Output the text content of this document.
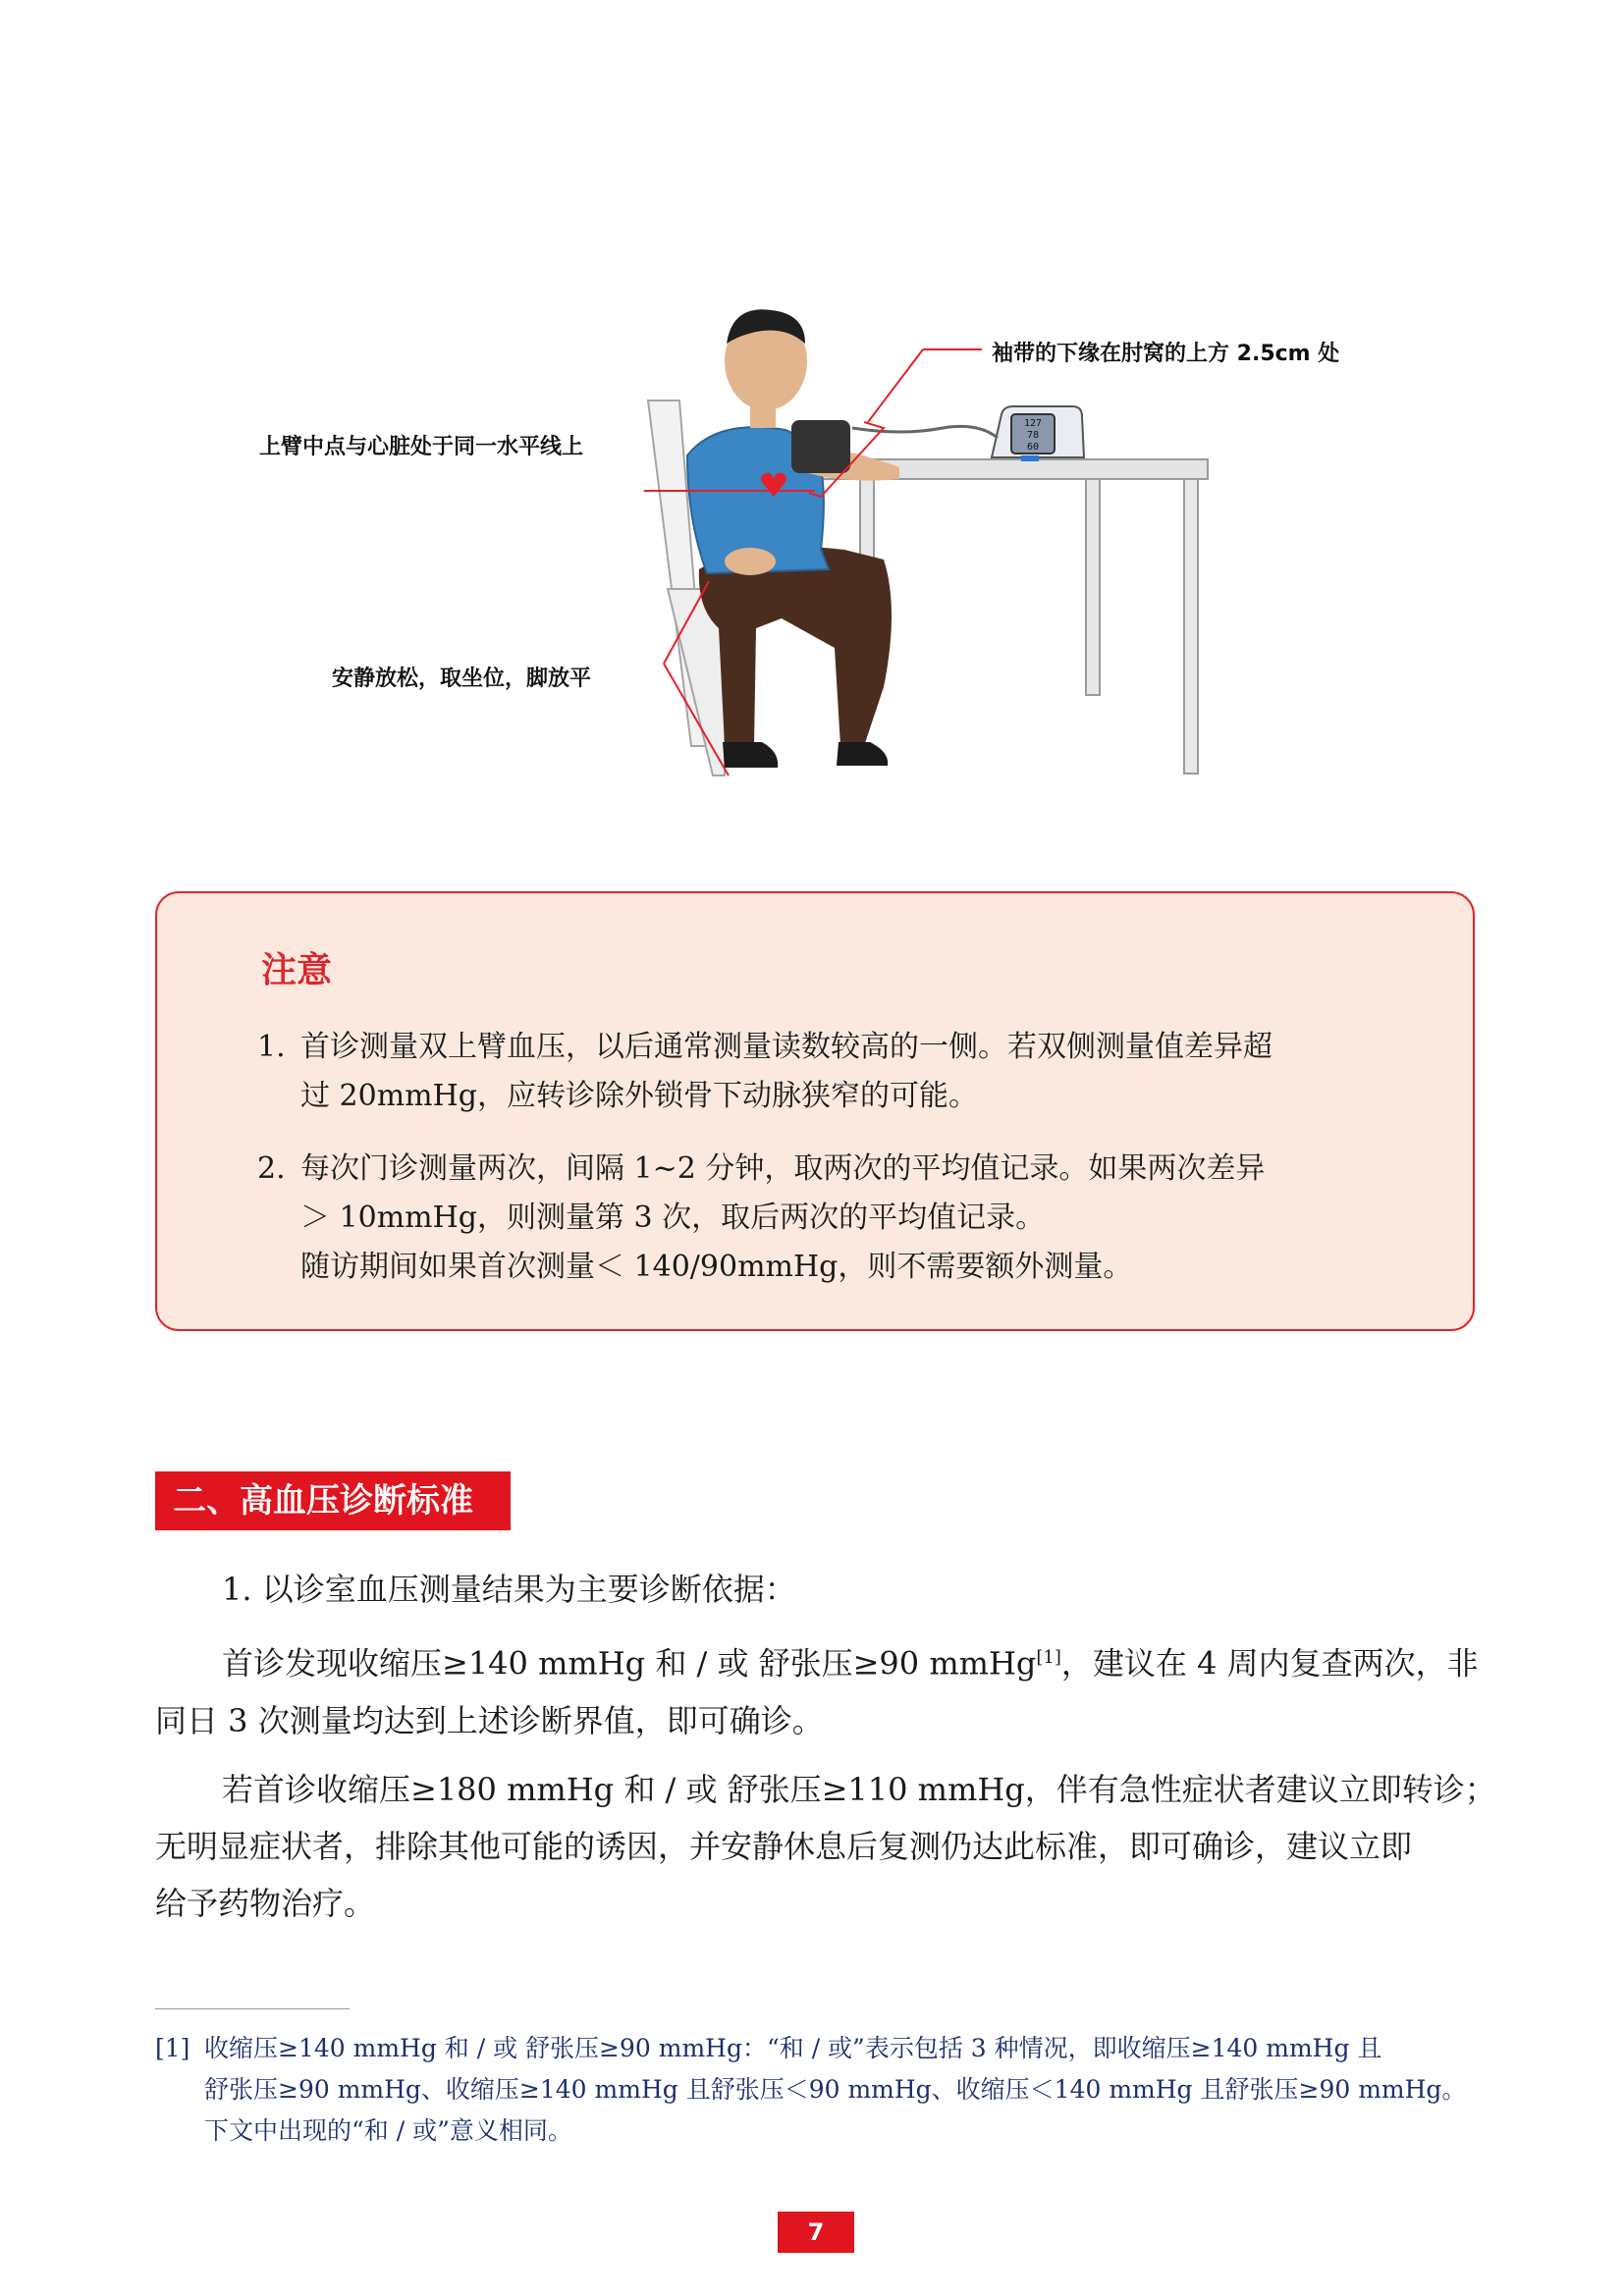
127
78
60
袖带的下缘在肘窝的上方 2.5cm 处
上臂中点与心脏处于同一水平线上
安静放松，取坐位，脚放平
注意
1. 首诊测量双上臂血压，以后通常测量读数较高的一侧。若双侧测量值差异超
过 20mmHg，应转诊除外锁骨下动脉狭窄的可能。
2. 每次门诊测量两次，间隔 1~2 分钟，取两次的平均值记录。如果两次差异
＞ 10mmHg，则测量第 3 次，取后两次的平均值记录。
随访期间如果首次测量＜ 140/90mmHg，则不需要额外测量。
二、高血压诊断标准
1. 以诊室血压测量结果为主要诊断依据：
首诊发现收缩压≥140 mmHg 和 / 或 舒张压≥90 mmHg[1]，建议在 4 周内复查两次，非
同日 3 次测量均达到上述诊断界值，即可确诊。
若首诊收缩压≥180 mmHg 和 / 或 舒张压≥110 mmHg，伴有急性症状者建议立即转诊；
无明显症状者，排除其他可能的诱因，并安静休息后复测仍达此标准，即可确诊，建议立即
给予药物治疗。
[1] 收缩压≥140 mmHg 和 / 或 舒张压≥90 mmHg：“和 / 或”表示包括 3 种情况，即收缩压≥140 mmHg 且
舒张压≥90 mmHg、收缩压≥140 mmHg 且舒张压＜90 mmHg、收缩压＜140 mmHg 且舒张压≥90 mmHg。
下文中出现的“和 / 或”意义相同。
7
